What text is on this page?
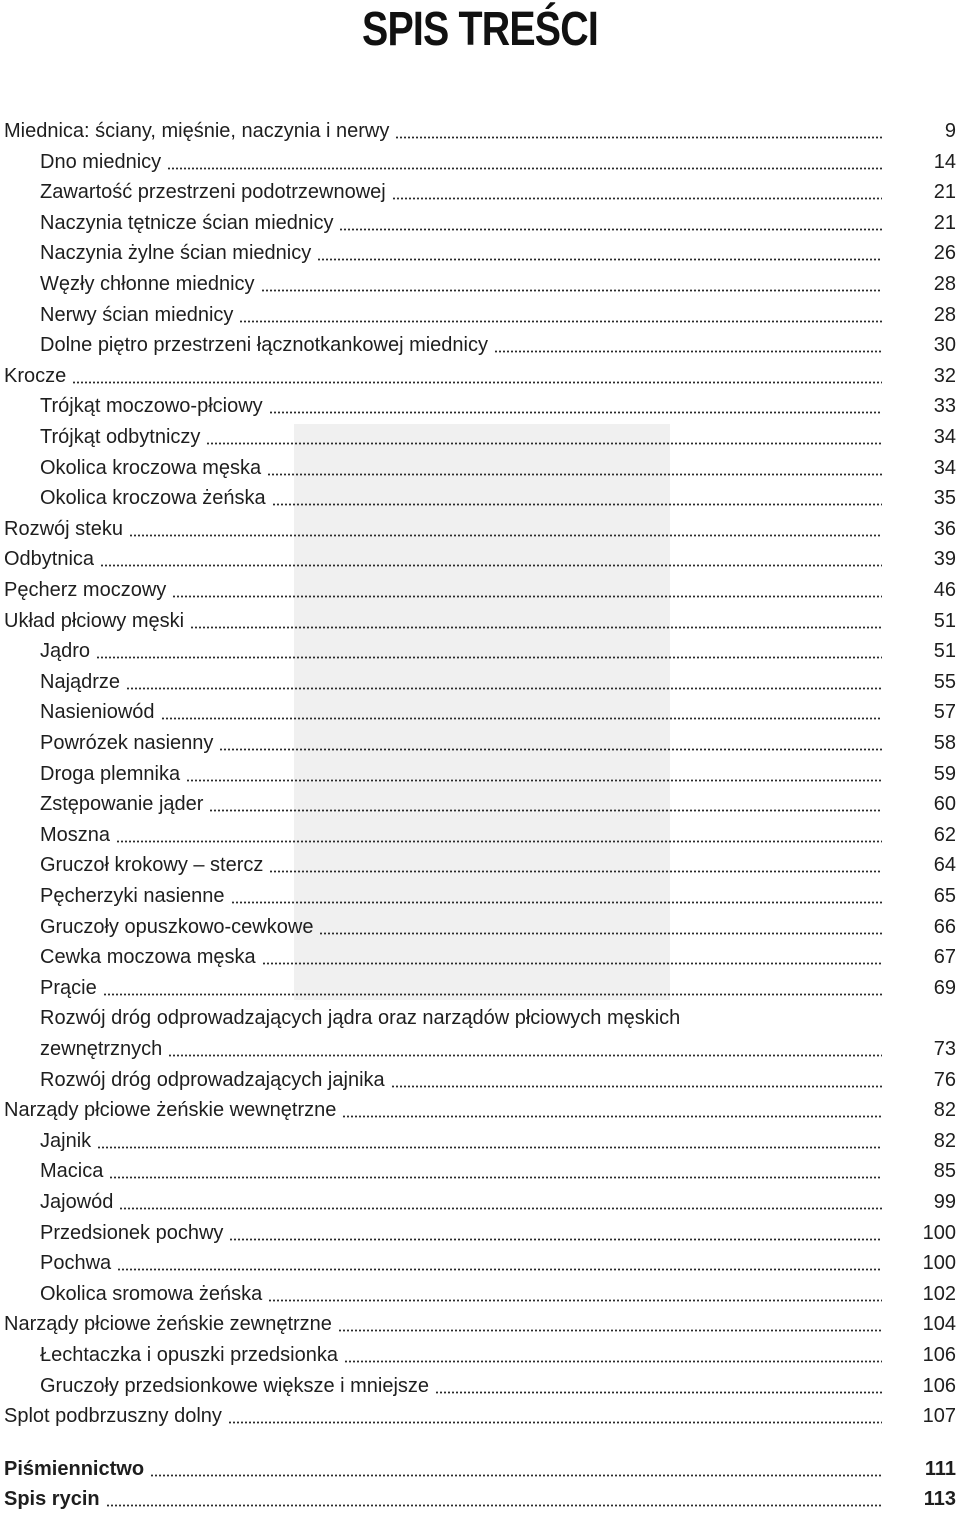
SPIS TREŚCI
Miednica: ściany, mięśnie, naczynia i nerwy	9
Dno miednicy	14
Zawartość przestrzeni podotrzewnowej	21
Naczynia tętnicze ścian miednicy	21
Naczynia żylne ścian miednicy	26
Węzły chłonne miednicy	28
Nerwy ścian miednicy	28
Dolne piętro przestrzeni łącznotkankowej miednicy	30
Krocze	32
Trójkąt moczowo-płciowy	33
Trójkąt odbytniczy	34
Okolica kroczowa męska	34
Okolica kroczowa żeńska	35
Rozwój steku	36
Odbytnica	39
Pęcherz moczowy	46
Układ płciowy męski	51
Jądro	51
Najądrze	55
Nasieniowód	57
Powrózek nasienny	58
Droga plemnika	59
Zstępowanie jąder	60
Moszna	62
Gruczoł krokowy – stercz	64
Pęcherzyki nasienne	65
Gruczoły opuszkowo-cewkowe	66
Cewka moczowa męska	67
Prącie	69
Rozwój dróg odprowadzających jądra oraz narządów płciowych męskich
zewnętrznych	73
Rozwój dróg odprowadzających jajnika	76
Narządy płciowe żeńskie wewnętrzne	82
Jajnik	82
Macica	85
Jajowód	99
Przedsionek pochwy	100
Pochwa	100
Okolica sromowa żeńska	102
Narządy płciowe żeńskie zewnętrzne	104
Łechtaczka i opuszki przedsionka	106
Gruczoły przedsionkowe większe i mniejsze	106
Splot podbrzuszny dolny	107
Piśmiennictwo	111
Spis rycin	113
